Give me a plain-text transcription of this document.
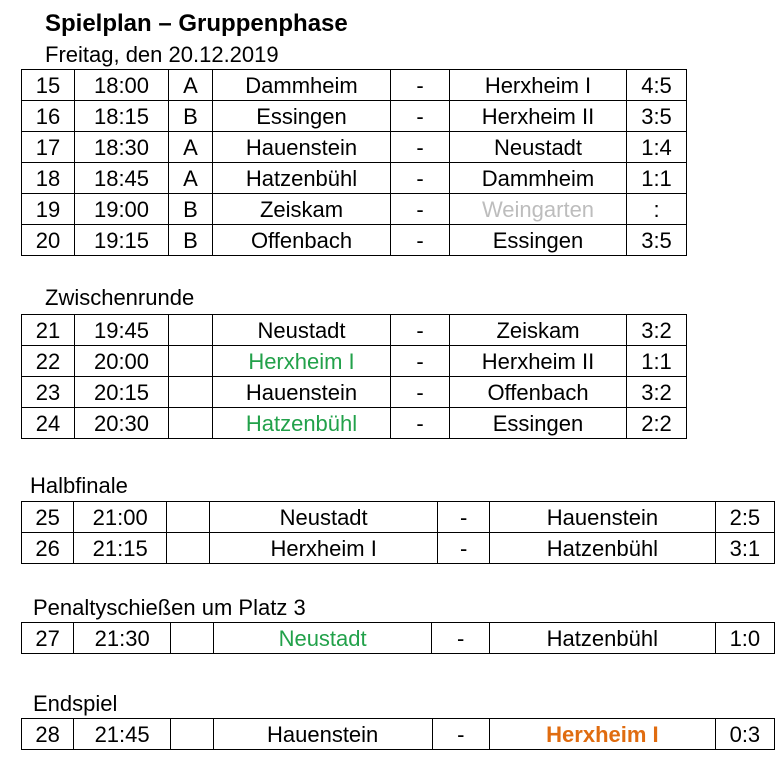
Spielplan – Gruppenphase
Freitag, den 20.12.2019
15	18:00	A	Dammheim	-	Herxheim I	4:5
16	18:15	B	Essingen	-	Herxheim II	3:5
17	18:30	A	Hauenstein	-	Neustadt	1:4
18	18:45	A	Hatzenbühl	-	Dammheim	1:1
19	19:00	B	Zeiskam	-	Weingarten	:
20	19:15	B	Offenbach	-	Essingen	3:5
Zwischenrunde
21	19:45		Neustadt	-	Zeiskam	3:2
22	20:00		Herxheim I	-	Herxheim II	1:1
23	20:15		Hauenstein	-	Offenbach	3:2
24	20:30		Hatzenbühl	-	Essingen	2:2
Halbfinale
25	21:00		Neustadt	-	Hauenstein	2:5
26	21:15		Herxheim I	-	Hatzenbühl	3:1
Penaltyschießen um Platz 3
27	21:30		Neustadt	-	Hatzenbühl	1:0
Endspiel
28	21:45		Hauenstein	-	Herxheim I	0:3
